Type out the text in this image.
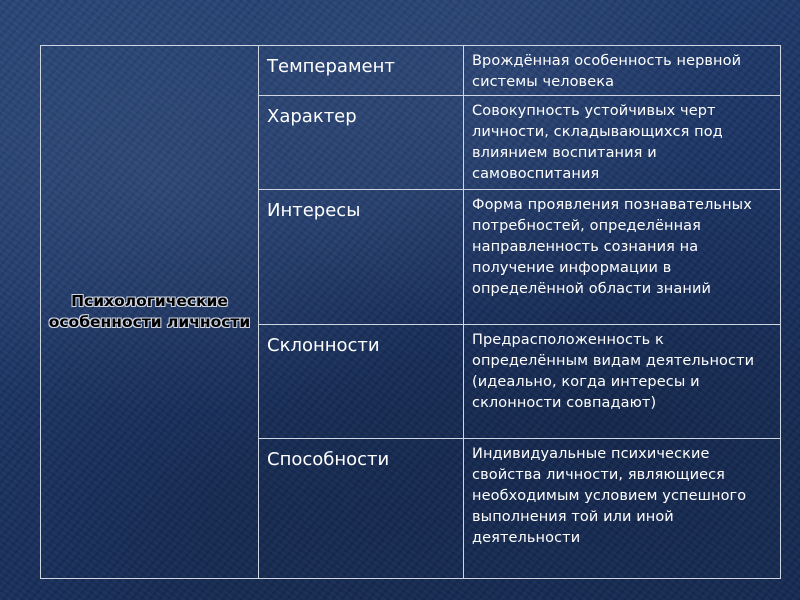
Психологические особенности личности	Темперамент	Врождённая особенность нервной системы человека
	Характер	Совокупность устойчивых черт личности, складывающихся под влиянием воспитания и самовоспитания
	Интересы	Форма проявления познавательных потребностей, определённая направленность сознания на получение информации в определённой области знаний
	Склонности	Предрасположенность к определённым видам деятельности (идеально, когда интересы и склонности совпадают)
	Способности	Индивидуальные психические свойства личности, являющиеся необходимым условием успешного выполнения той или иной деятельности
